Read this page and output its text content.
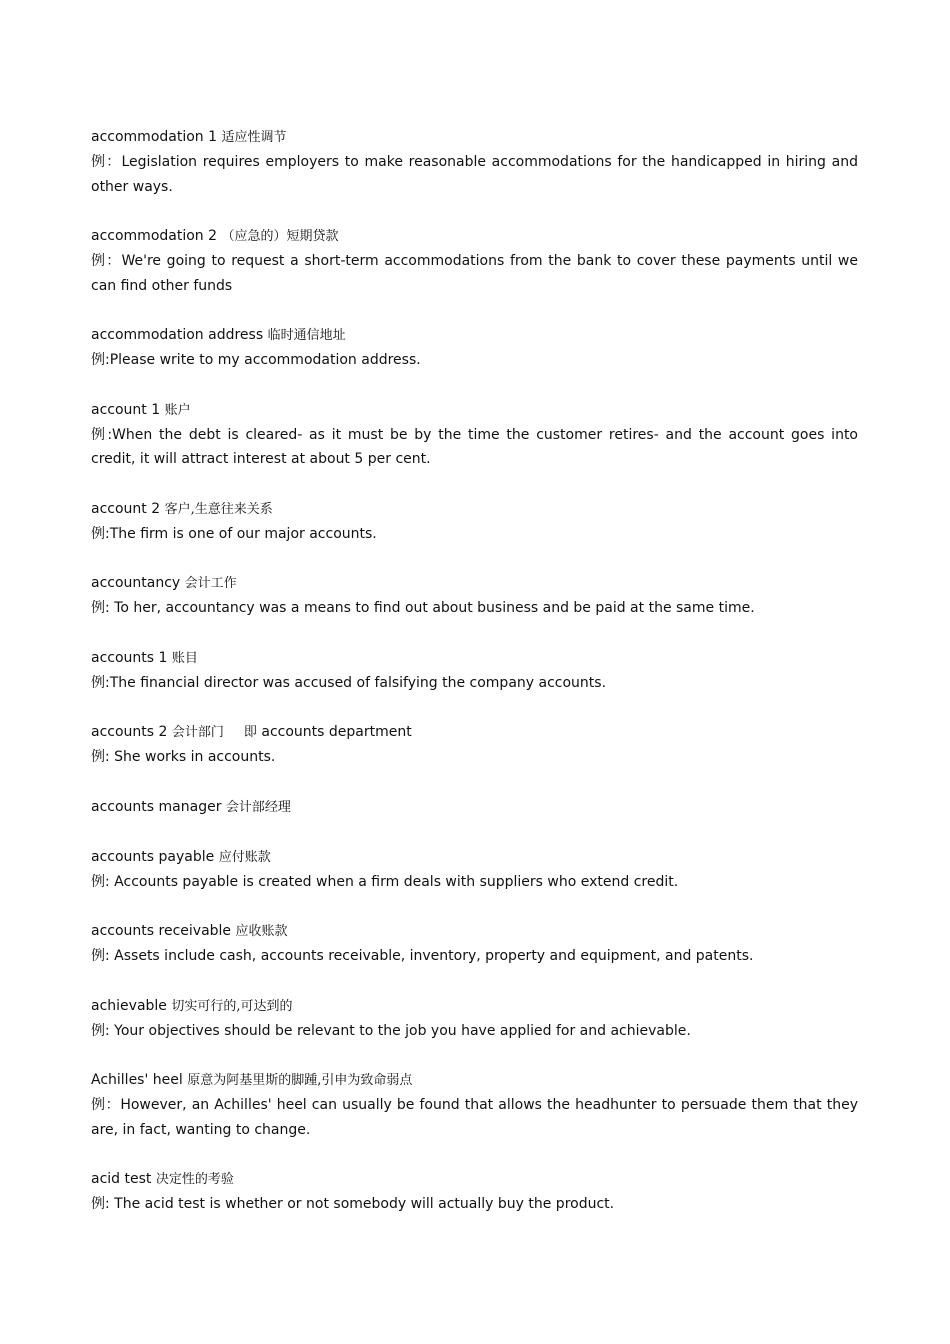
accommodation 1 适应性调节
例：Legislation requires employers to make reasonable accommodations for the handicapped in hiring and other ways.
accommodation 2 （应急的）短期贷款
例：We're going to request a short-term accommodations from the bank to cover these payments until we can find other funds
accommodation address 临时通信地址
例:Please write to my accommodation address.
account 1 账户
例:When the debt is cleared- as it must be by the time the customer retires- and the account goes into credit, it will attract interest at about 5 per cent.
account 2 客户,生意往来关系
例:The firm is one of our major accounts.
accountancy 会计工作
例: To her, accountancy was a means to find out about business and be paid at the same time.
accounts 1 账目
例:The financial director was accused of falsifying the company accounts.
accounts 2 会计部门 即 accounts department
例: She works in accounts.
accounts manager 会计部经理
accounts payable 应付账款
例: Accounts payable is created when a firm deals with suppliers who extend credit.
accounts receivable 应收账款
例: Assets include cash, accounts receivable, inventory, property and equipment, and patents.
achievable 切实可行的,可达到的
例: Your objectives should be relevant to the job you have applied for and achievable.
Achilles' heel 原意为阿基里斯的脚踵,引申为致命弱点
例：However, an Achilles' heel can usually be found that allows the headhunter to persuade them that they are, in fact, wanting to change.
acid test 决定性的考验
例: The acid test is whether or not somebody will actually buy the product.
